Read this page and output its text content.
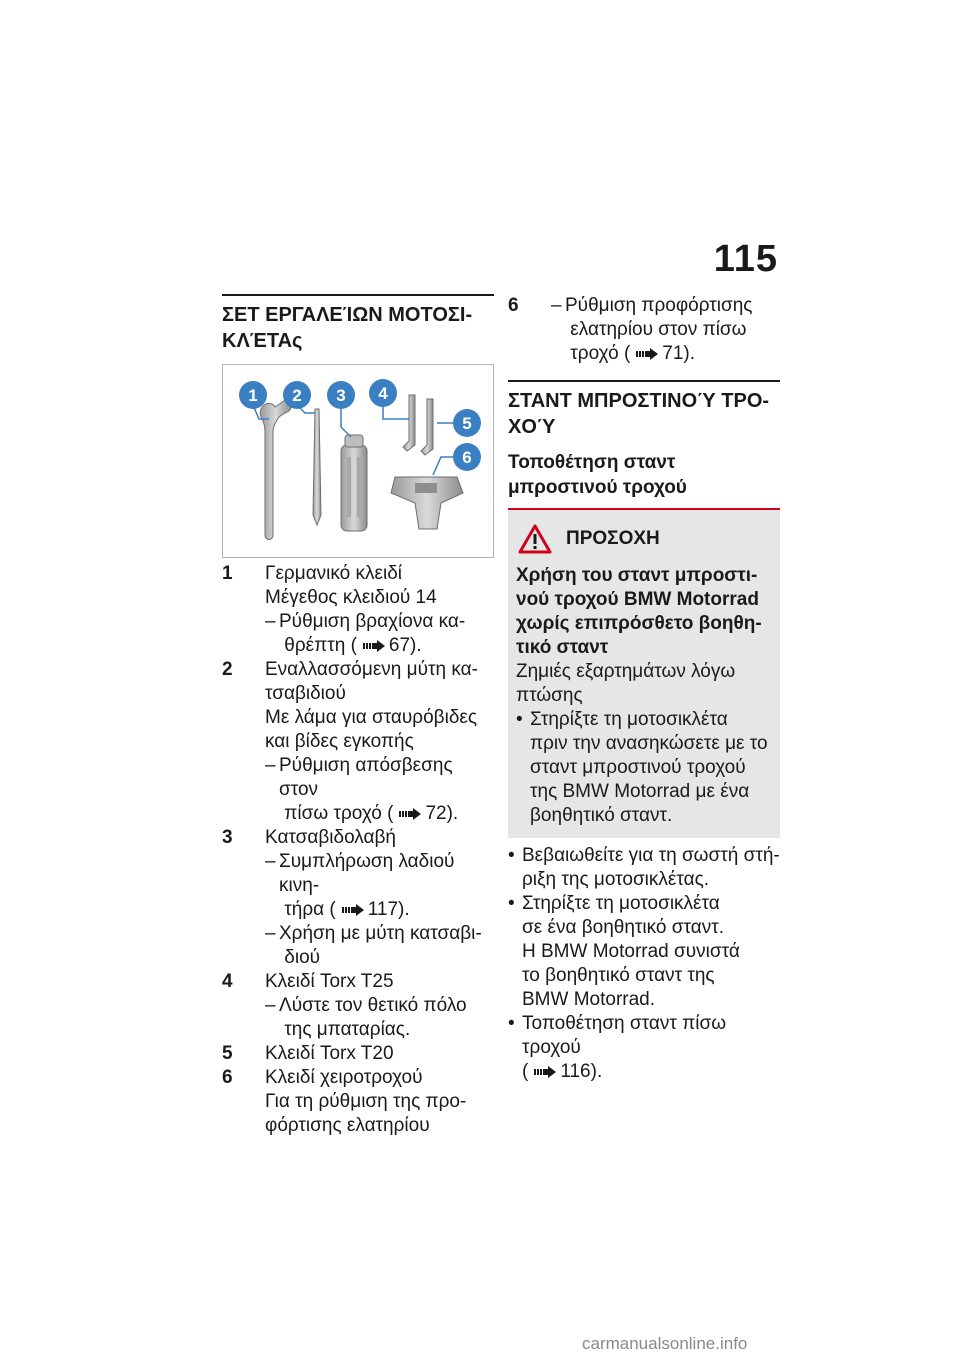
115
ΣΕΤ ΕΡΓΑΛΕΊΩΝ ΜΟΤΟΣΙ-
ΚΛΈΤΑς
1 2 3 4
5
6
1	Γερμανικό κλειδί
Μέγεθος κλειδιού 14
– Ρύθμιση βραχίονα κα-
θρέπτη ( 67).
2	Εναλλασσόμενη μύτη κα-
τσαβιδιού
Με λάμα για σταυρόβιδες
και βίδες εγκοπής
– Ρύθμιση απόσβεσης στον
πίσω τροχό ( 72).
3	Κατσαβιδολαβή
– Συμπλήρωση λαδιού κινη-
τήρα ( 117).
– Χρήση με μύτη κατσαβι-
διού
4	Κλειδί Torx T25
– Λύστε τον θετικό πόλο
της μπαταρίας.
5	Κλειδί Torx T20
6	Κλειδί χειροτροχού
Για τη ρύθμιση της προ-
φόρτισης ελατηρίου
6	– Ρύθμιση προφόρτισης
ελατηρίου στον πίσω
τροχό ( 71).
ΣΤΑΝΤ ΜΠΡΟΣΤΙΝΟΎ ΤΡΟ-
ΧΟΎ
Τοποθέτηση σταντ
μπροστινού τροχού
ΠΡΟΣΟΧΗ
Χρήση του σταντ μπροστι-
νού τροχού BMW Motorrad
χωρίς επιπρόσθετο βοηθη-
τικό σταντ
Ζημιές εξαρτημάτων λόγω
πτώσης
• Στηρίξτε τη μοτοσικλέτα
πριν την ανασηκώσετε με το
σταντ μπροστινού τροχού
της BMW Motorrad με ένα
βοηθητικό σταντ.
• Βεβαιωθείτε για τη σωστή στή-
ριξη της μοτοσικλέτας.
• Στηρίξτε τη μοτοσικλέτα
σε ένα βοηθητικό σταντ.
Η BMW Motorrad συνιστά
το βοηθητικό σταντ της
BMW Motorrad.
• Τοποθέτηση σταντ πίσω τροχού
( 116).
carmanualsonline.info
